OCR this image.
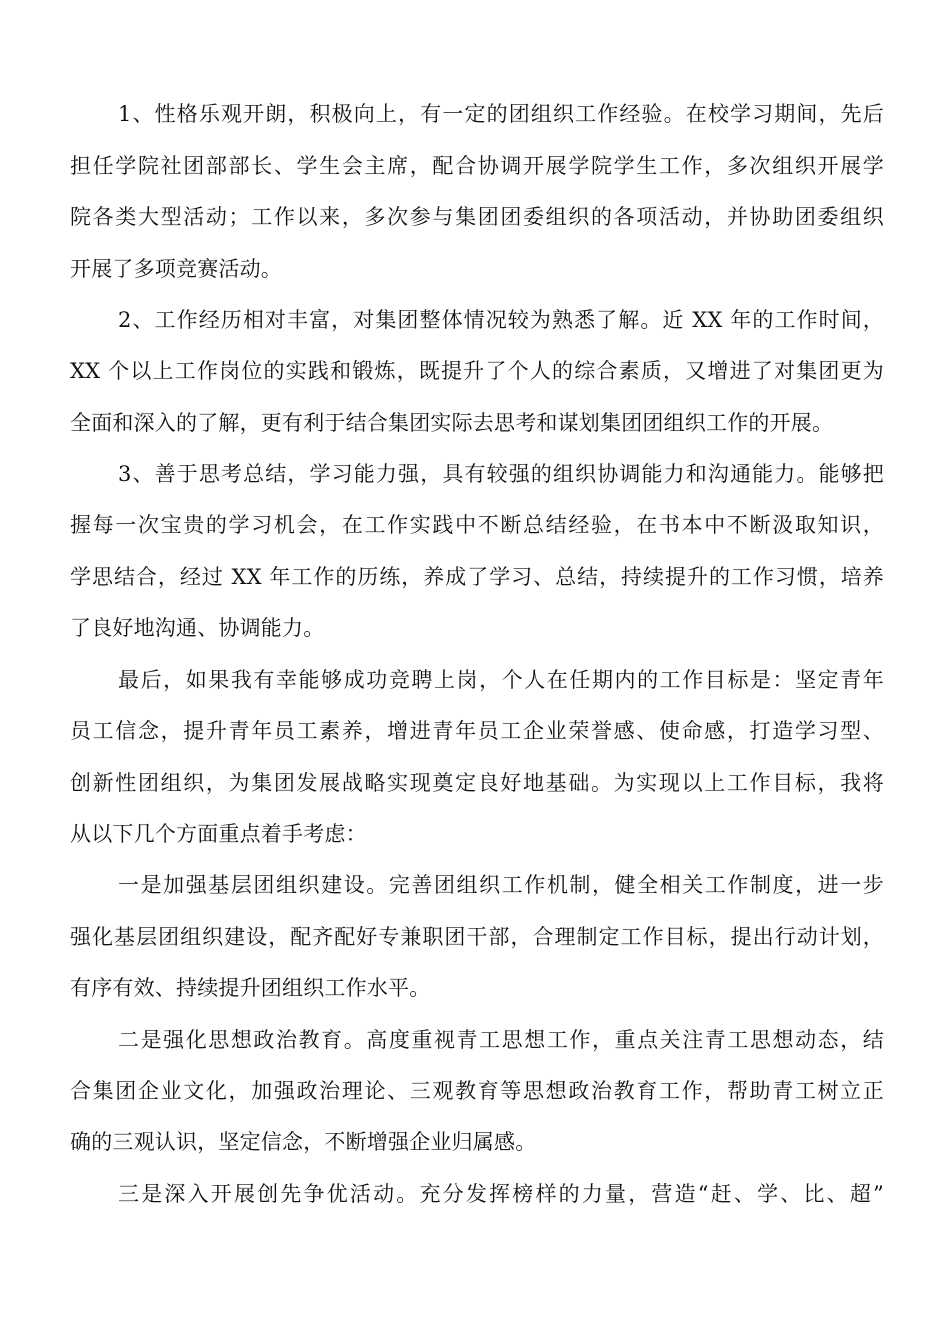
1、性格乐观开朗，积极向上，有一定的团组织工作经验。在校学习期间，先后
担任学院社团部部长、学生会主席，配合协调开展学院学生工作，多次组织开展学
院各类大型活动；工作以来，多次参与集团团委组织的各项活动，并协助团委组织
开展了多项竞赛活动。
2、工作经历相对丰富，对集团整体情况较为熟悉了解。近 XX 年的工作时间，
XX 个以上工作岗位的实践和锻炼，既提升了个人的综合素质，又增进了对集团更为
全面和深入的了解，更有利于结合集团实际去思考和谋划集团团组织工作的开展。
3、善于思考总结，学习能力强，具有较强的组织协调能力和沟通能力。能够把
握每一次宝贵的学习机会，在工作实践中不断总结经验，在书本中不断汲取知识，
学思结合，经过 XX 年工作的历练，养成了学习、总结，持续提升的工作习惯，培养
了良好地沟通、协调能力。
最后，如果我有幸能够成功竞聘上岗，个人在任期内的工作目标是：坚定青年
员工信念，提升青年员工素养，增进青年员工企业荣誉感、使命感，打造学习型、
创新性团组织，为集团发展战略实现奠定良好地基础。为实现以上工作目标，我将
从以下几个方面重点着手考虑：
一是加强基层团组织建设。完善团组织工作机制，健全相关工作制度，进一步
强化基层团组织建设，配齐配好专兼职团干部，合理制定工作目标，提出行动计划，
有序有效、持续提升团组织工作水平。
二是强化思想政治教育。高度重视青工思想工作，重点关注青工思想动态，结
合集团企业文化，加强政治理论、三观教育等思想政治教育工作，帮助青工树立正
确的三观认识，坚定信念，不断增强企业归属感。
三是深入开展创先争优活动。充分发挥榜样的力量，营造“赶、学、比、超”
